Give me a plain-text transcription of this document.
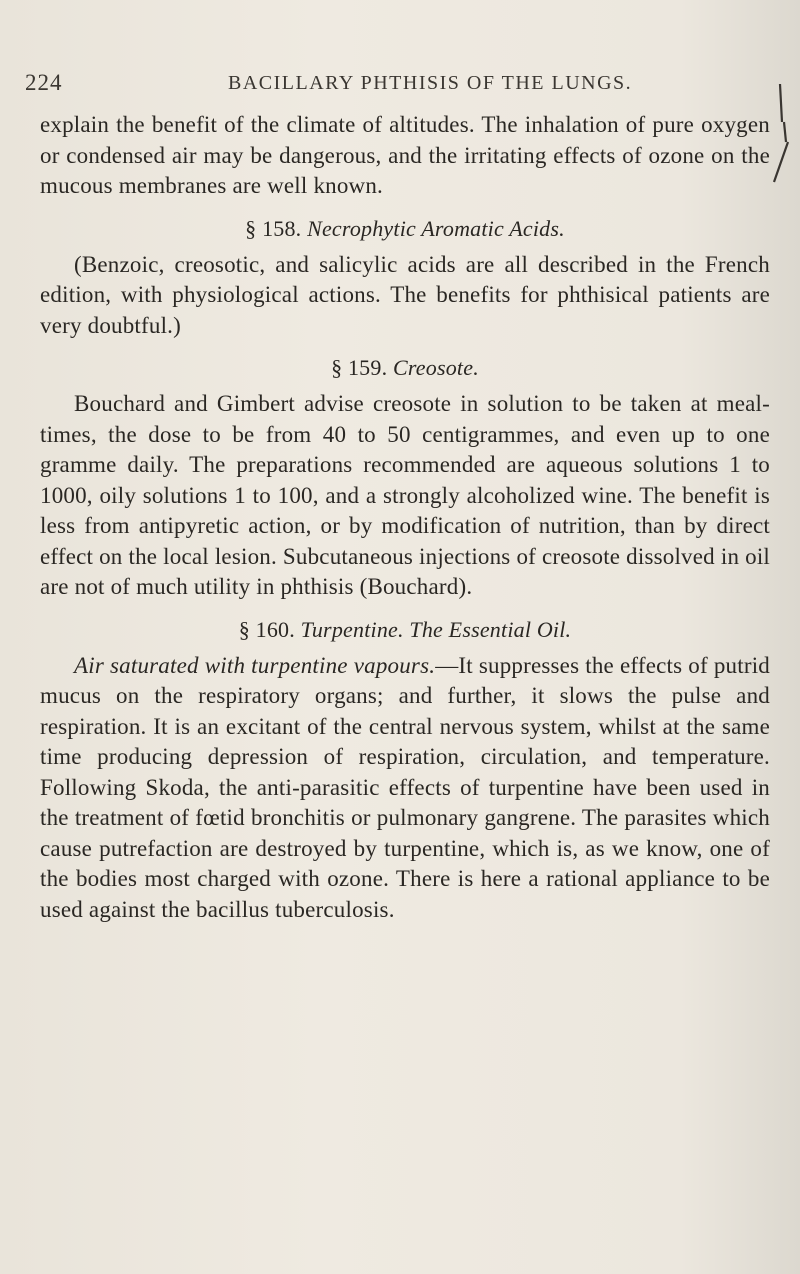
224	BACILLARY PHTHISIS OF THE LUNGS.

explain the benefit of the climate of altitudes. The inhalation of pure oxygen or condensed air may be dangerous, and the irritating effects of ozone on the mucous membranes are well known.

§ 158. Necrophytic Aromatic Acids.

(Benzoic, creosotic, and salicylic acids are all described in the French edition, with physiological actions. The benefits for phthisical patients are very doubtful.)

§ 159. Creosote.

Bouchard and Gimbert advise creosote in solution to be taken at meal-times, the dose to be from 40 to 50 centigrammes, and even up to one gramme daily. The preparations recommended are aqueous solutions 1 to 1000, oily solutions 1 to 100, and a strongly alcoholized wine. The benefit is less from antipyretic action, or by modification of nutrition, than by direct effect on the local lesion. Subcutaneous injections of creosote dissolved in oil are not of much utility in phthisis (Bouchard).

§ 160. Turpentine. The Essential Oil.

Air saturated with turpentine vapours.—It suppresses the effects of putrid mucus on the respiratory organs; and further, it slows the pulse and respiration. It is an excitant of the central nervous system, whilst at the same time producing depression of respiration, circulation, and temperature. Following Skoda, the anti-parasitic effects of turpentine have been used in the treatment of fœtid bronchitis or pulmonary gangrene. The parasites which cause putrefaction are destroyed by turpentine, which is, as we know, one of the bodies most charged with ozone. There is here a rational appliance to be used against the bacillus tuberculosis.
